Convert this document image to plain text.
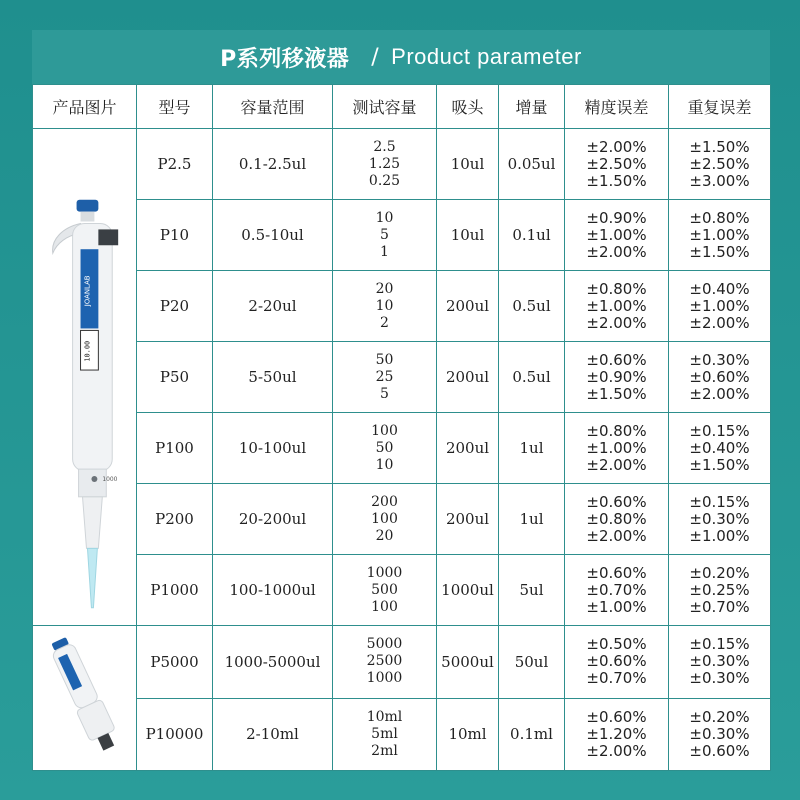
P系列移液器 / Product parameter
产品图片	型号	容量范围	测试容量	吸头	增量	精度误差	重复误差

JOANLAB
10.00
1000	P2.5	0.1-2.5ul	2.5
1.25
0.25	10ul	0.05ul	±2.00%
±2.50%
±1.50%	±1.50%
±2.50%
±3.00%

	P10	0.5-10ul	10
5
1	10ul	0.1ul	±0.90%
±1.00%
±2.00%	±0.80%
±1.00%
±1.50%

	P20	2-20ul	20
10
2	200ul	0.5ul	±0.80%
±1.00%
±2.00%	±0.40%
±1.00%
±2.00%

	P50	5-50ul	50
25
5	200ul	0.5ul	±0.60%
±0.90%
±1.50%	±0.30%
±0.60%
±2.00%

	P100	10-100ul	100
50
10	200ul	1ul	±0.80%
±1.00%
±2.00%	±0.15%
±0.40%
±1.50%

	P200	20-200ul	200
100
20	200ul	1ul	±0.60%
±0.80%
±2.00%	±0.15%
±0.30%
±1.00%

	P1000	100-1000ul	1000
500
100	1000ul	5ul	±0.60%
±0.70%
±1.00%	±0.20%
±0.25%
±0.70%

	P5000	1000-5000ul	5000
2500
1000	5000ul	50ul	±0.50%
±0.60%
±0.70%	±0.15%
±0.30%
±0.30%

	P10000	2-10ml	10ml
5ml
2ml	10ml	0.1ml	±0.60%
±1.20%
±2.00%	±0.20%
±0.30%
±0.60%
